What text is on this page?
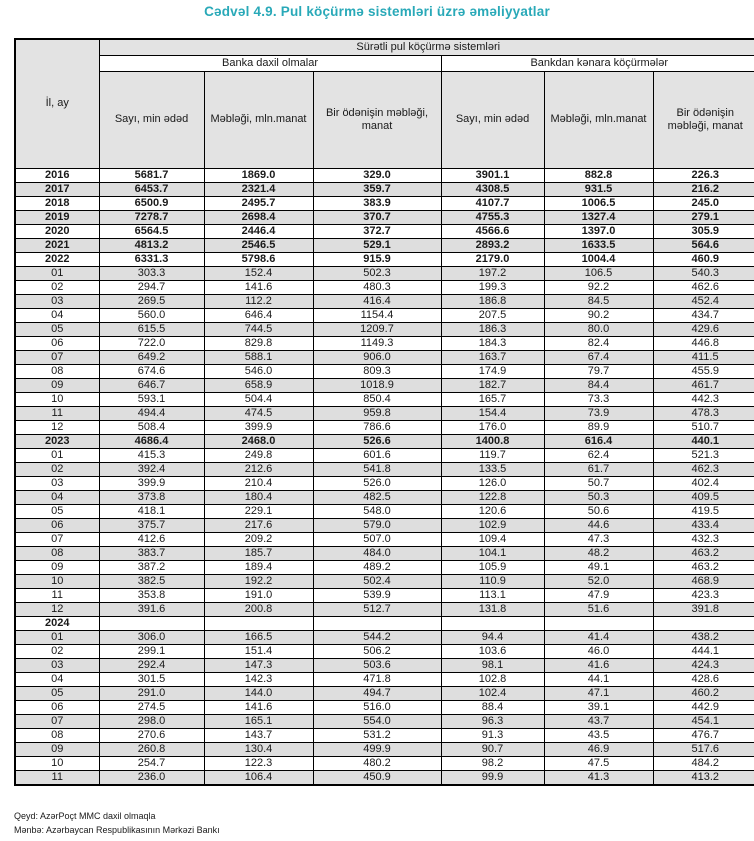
Cədvəl 4.9. Pul köçürmə sistemləri üzrə əməliyyatlar
İl, ay	Sürətli pul köçürmə sistemləri					
	Banka daxil olmalar			Bankdan kənara köçürmələr		
	Sayı, min ədəd	Məbləği, mln.manat	Bir ödənişin məbləği, manat	Sayı, min ədəd	Məbləği, mln.manat	Bir ödənişin məbləği, manat
2016	5681.7	1869.0	329.0	3901.1	882.8	226.3
2017	6453.7	2321.4	359.7	4308.5	931.5	216.2
2018	6500.9	2495.7	383.9	4107.7	1006.5	245.0
2019	7278.7	2698.4	370.7	4755.3	1327.4	279.1
2020	6564.5	2446.4	372.7	4566.6	1397.0	305.9
2021	4813.2	2546.5	529.1	2893.2	1633.5	564.6
2022	6331.3	5798.6	915.9	2179.0	1004.4	460.9
01	303.3	152.4	502.3	197.2	106.5	540.3
02	294.7	141.6	480.3	199.3	92.2	462.6
03	269.5	112.2	416.4	186.8	84.5	452.4
04	560.0	646.4	1154.4	207.5	90.2	434.7
05	615.5	744.5	1209.7	186.3	80.0	429.6
06	722.0	829.8	1149.3	184.3	82.4	446.8
07	649.2	588.1	906.0	163.7	67.4	411.5
08	674.6	546.0	809.3	174.9	79.7	455.9
09	646.7	658.9	1018.9	182.7	84.4	461.7
10	593.1	504.4	850.4	165.7	73.3	442.3
11	494.4	474.5	959.8	154.4	73.9	478.3
12	508.4	399.9	786.6	176.0	89.9	510.7
2023	4686.4	2468.0	526.6	1400.8	616.4	440.1
01	415.3	249.8	601.6	119.7	62.4	521.3
02	392.4	212.6	541.8	133.5	61.7	462.3
03	399.9	210.4	526.0	126.0	50.7	402.4
04	373.8	180.4	482.5	122.8	50.3	409.5
05	418.1	229.1	548.0	120.6	50.6	419.5
06	375.7	217.6	579.0	102.9	44.6	433.4
07	412.6	209.2	507.0	109.4	47.3	432.3
08	383.7	185.7	484.0	104.1	48.2	463.2
09	387.2	189.4	489.2	105.9	49.1	463.2
10	382.5	192.2	502.4	110.9	52.0	468.9
11	353.8	191.0	539.9	113.1	47.9	423.3
12	391.6	200.8	512.7	131.8	51.6	391.8
2024						
01	306.0	166.5	544.2	94.4	41.4	438.2
02	299.1	151.4	506.2	103.6	46.0	444.1
03	292.4	147.3	503.6	98.1	41.6	424.3
04	301.5	142.3	471.8	102.8	44.1	428.6
05	291.0	144.0	494.7	102.4	47.1	460.2
06	274.5	141.6	516.0	88.4	39.1	442.9
07	298.0	165.1	554.0	96.3	43.7	454.1
08	270.6	143.7	531.2	91.3	43.5	476.7
09	260.8	130.4	499.9	90.7	46.9	517.6
10	254.7	122.3	480.2	98.2	47.5	484.2
11	236.0	106.4	450.9	99.9	41.3	413.2
Qeyd: AzərPoçt MMC daxil olmaqla
Mənbə: Azərbaycan Respublikasının Mərkəzi Bankı
